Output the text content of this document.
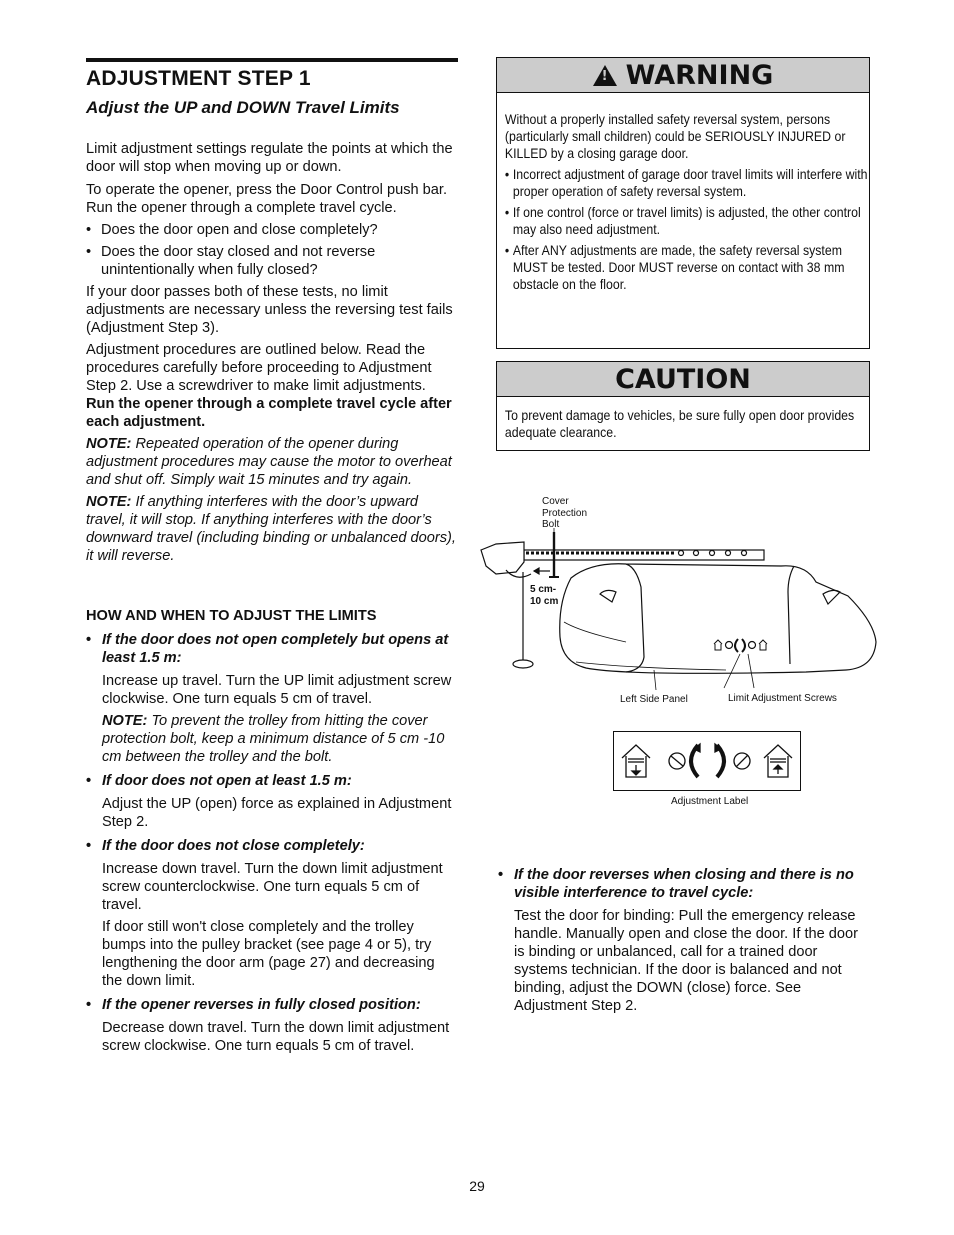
ADJUSTMENT STEP 1
Adjust the UP and DOWN Travel Limits

Limit adjustment settings regulate the points at which the door will stop when moving up or down.

To operate the opener, press the Door Control push bar. Run the opener through a complete travel cycle.

• Does the door open and close completely?
• Does the door stay closed and not reverse unintentionally when fully closed?

If your door passes both of these tests, no limit adjustments are necessary unless the reversing test fails (Adjustment Step 3).

Adjustment procedures are outlined below. Read the procedures carefully before proceeding to Adjustment Step 2. Use a screwdriver to make limit adjustments. Run the opener through a complete travel cycle after each adjustment.

NOTE: Repeated operation of the opener during adjustment procedures may cause the motor to overheat and shut off. Simply wait 15 minutes and try again.

NOTE: If anything interferes with the door’s upward travel, it will stop. If anything interferes with the door’s downward travel (including binding or unbalanced doors), it will reverse.

HOW AND WHEN TO ADJUST THE LIMITS
• If the door does not open completely but opens at least 1.5 m:

Increase up travel. Turn the UP limit adjustment screw clockwise. One turn equals 5 cm of travel.

NOTE: To prevent the trolley from hitting the cover protection bolt, keep a minimum distance of 5 cm -10 cm between the trolley and the bolt.

• If door does not open at least 1.5 m:

Adjust the UP (open) force as explained in Adjustment Step 2.

• If the door does not close completely:

Increase down travel. Turn the down limit adjustment screw counterclockwise. One turn equals 5 cm of travel.

If door still won't close completely and the trolley bumps into the pulley bracket (see page 4 or 5), try lengthening the door arm (page 27) and decreasing the down limit.

• If the opener reverses in fully closed position:

Decrease down travel. Turn the down limit adjustment screw clockwise. One turn equals 5 cm of travel.

! WARNING

Without a properly installed safety reversal system, persons (particularly small children) could be SERIOUSLY INJURED or KILLED by a closing garage door.

• Incorrect adjustment of garage door travel limits will interfere with proper operation of safety reversal system.
• If one control (force or travel limits) is adjusted, the other control may also need adjustment.
• After ANY adjustments are made, the safety reversal system MUST be tested. Door MUST reverse on contact with 38 mm obstacle on the floor.
CAUTION

To prevent damage to vehicles, be sure fully open door provides adequate clearance.

Cover
Protection
Bolt
5 cm-
10 cm
Left Side Panel	Limit Adjustment Screws
Adjustment Label
• If the door reverses when closing and there is no visible interference to travel cycle:

Test the door for binding: Pull the emergency release handle. Manually open and close the door. If the door is binding or unbalanced, call for a trained door systems technician. If the door is balanced and not binding, adjust the DOWN (close) force. See Adjustment Step 2.

29
